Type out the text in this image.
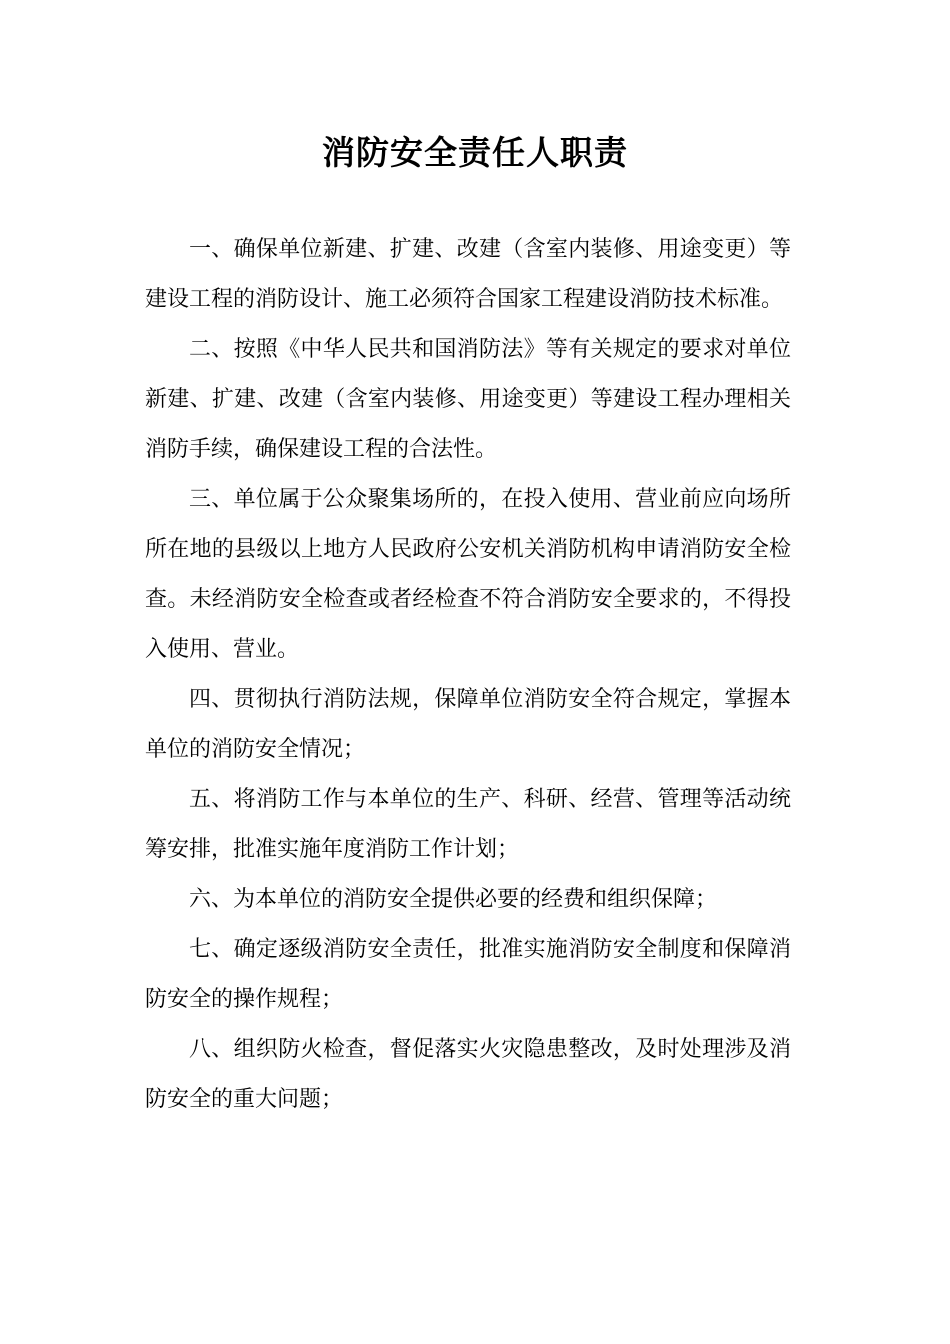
消防安全责任人职责

一、确保单位新建、扩建、改建（含室内装修、用途变更）等建设工程的消防设计、施工必须符合国家工程建设消防技术标准。

二、按照《中华人民共和国消防法》等有关规定的要求对单位新建、扩建、改建（含室内装修、用途变更）等建设工程办理相关消防手续，确保建设工程的合法性。

三、单位属于公众聚集场所的，在投入使用、营业前应向场所所在地的县级以上地方人民政府公安机关消防机构申请消防安全检查。未经消防安全检查或者经检查不符合消防安全要求的，不得投入使用、营业。

四、贯彻执行消防法规，保障单位消防安全符合规定，掌握本单位的消防安全情况；

五、将消防工作与本单位的生产、科研、经营、管理等活动统筹安排，批准实施年度消防工作计划；

六、为本单位的消防安全提供必要的经费和组织保障；

七、确定逐级消防安全责任，批准实施消防安全制度和保障消防安全的操作规程；

八、组织防火检查，督促落实火灾隐患整改，及时处理涉及消防安全的重大问题；
